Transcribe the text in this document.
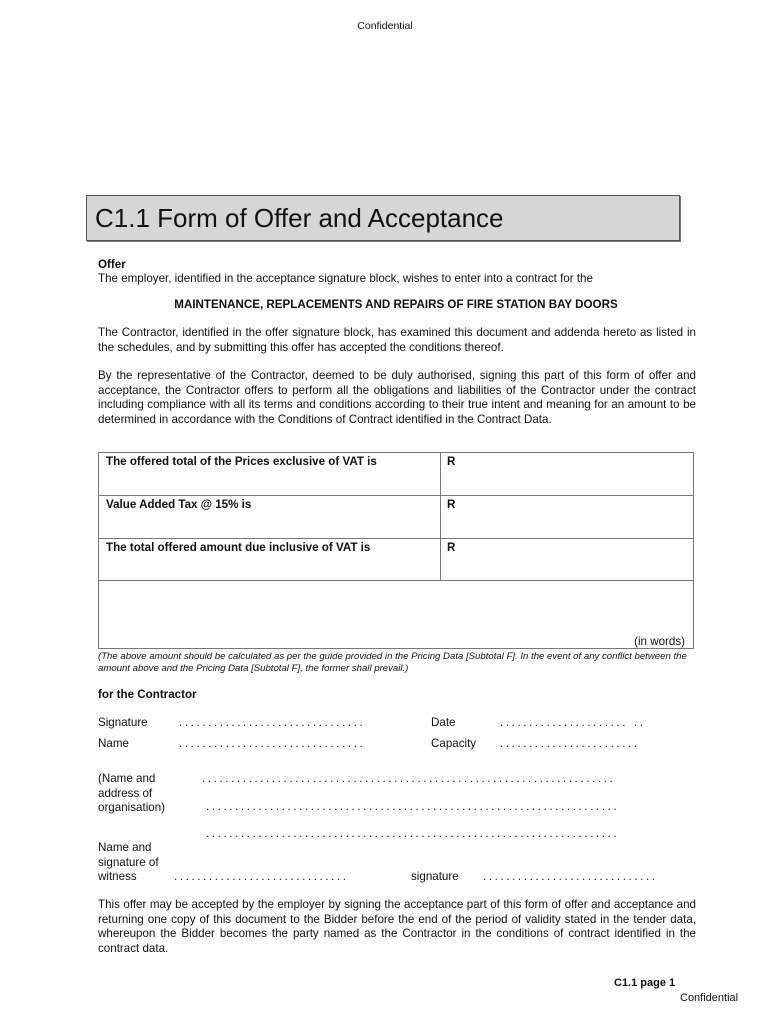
Confidential
C1.1 Form of Offer and Acceptance
Offer
The employer, identified in the acceptance signature block, wishes to enter into a contract for the
MAINTENANCE, REPLACEMENTS AND REPAIRS OF FIRE STATION BAY DOORS
The Contractor, identified in the offer signature block, has examined this document and addenda hereto as listed in the schedules, and by submitting this offer has accepted the conditions thereof.
By the representative of the Contractor, deemed to be duly authorised, signing this part of this form of offer and acceptance, the Contractor offers to perform all the obligations and liabilities of the Contractor under the contract including compliance with all its terms and conditions according to their true intent and meaning for an amount to be determined in accordance with the Conditions of Contract identified in the Contract Data.
The offered total of the Prices exclusive of VAT is	R
Value Added Tax @ 15% is	R
The total offered amount due inclusive of VAT is	R
(in words)
(The above amount should be calculated as per the guide provided in the Pricing Data [Subtotal F]. In the event of any conflict between the amount above and the Pricing Data [Subtotal F], the former shall prevail.)
for the Contractor
Signature	................................	Date	...................... ..
Name	................................	Capacity ........................
(Name and address of organisation)
.......................................................................
.......................................................................
.......................................................................
Name and signature of witness	..............................	signature ..............................
This offer may be accepted by the employer by signing the acceptance part of this form of offer and acceptance and returning one copy of this document to the Bidder before the end of the period of validity stated in the tender data, whereupon the Bidder becomes the party named as the Contractor in the conditions of contract identified in the contract data.
C1.1 page 1
Confidential
